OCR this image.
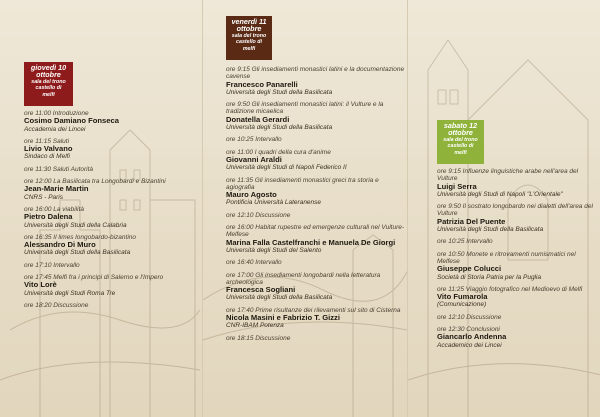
giovedì 10
ottobre
sala del trono
castello di
melfi
ore 11:00 Introduzione
Cosimo Damiano Fonseca
Accademia dei Lincei
ore 11:15 Saluti
Livio Valvano
Sindaco di Melfi
ore 11:30 Saluti Autorità
ore 12:00 La Basilicata tra Longobardi e Bizantini
Jean-Marie Martin
CNRS - Paris
ore 16:00 La viabilità
Pietro Dalena
Università degli Studi della Calabria
ore 16:35 Il limes longobardo-bizantino
Alessandro Di Muro
Università degli Studi della Basilicata
ore 17:10 Intervallo
ore 17:45 Melfi fra i principi di Salerno e l'Impero
Vito Lorè
Università degli Studi Roma Tre
ore 18:20 Discussione
venerdì 11
ottobre
sala del trono
castello di
melfi
ore 9:15 Gli insediamenti monastici latini e la documentazione cavense
Francesco Panarelli
Università degli Studi della Basilicata
ore 9:50 Gli insediamenti monastici latini: il Vulture e la tradizione micaelica
Donatella Gerardi
Università degli Studi della Basilicata
ore 10:25 Intervallo
ore 11:00 I quadri della cura d'anime
Giovanni Araldi
Università degli Studi di Napoli Federico II
ore 11:35 Gli insediamenti monastici greci tra storia e agiografia
Mauro Agosto
Pontificia Università Lateranense
ore 12:10 Discussione
ore 16:00 Habitat rupestre ed emergenze culturali nel Vulture-Melfese
Marina Falla Castelfranchi e Manuela De Giorgi
Università degli Studi del Salento
ore 16:40 Intervallo
ore 17:00 Gli insediamenti longobardi nella letteratura archeologica
Francesca Sogliani
Università degli Studi della Basilicata
ore 17:40 Prime risultanze dei rilevamenti sul sito di Cisterna
Nicola Masini e Fabrizio T. Gizzi
CNR-IBAM Potenza
ore 18:15 Discussione
sabato 12
ottobre
sala del trono
castello di
melfi
ore 9:15 Influenze linguistiche arabe nell'area del Vulture
Luigi Serra
Università degli Studi di Napoli "L'Orientale"
ore 9:50 Il sostrato longobardo nei dialetti dell'area del Vulture
Patrizia Del Puente
Università degli Studi della Basilicata
ore 10:25 Intervallo
ore 10:50 Monete e ritrovamenti numismatici nel Melfese
Giuseppe Colucci
Società di Storia Patria per la Puglia
ore 11:25 Viaggio fotografico nel Medioevo di Melfi
Vito Fumarola
(Comunicazione)
ore 12:10 Discussione
ore 12:30 Conclusioni
Giancarlo Andenna
Accademico dei Lincei
